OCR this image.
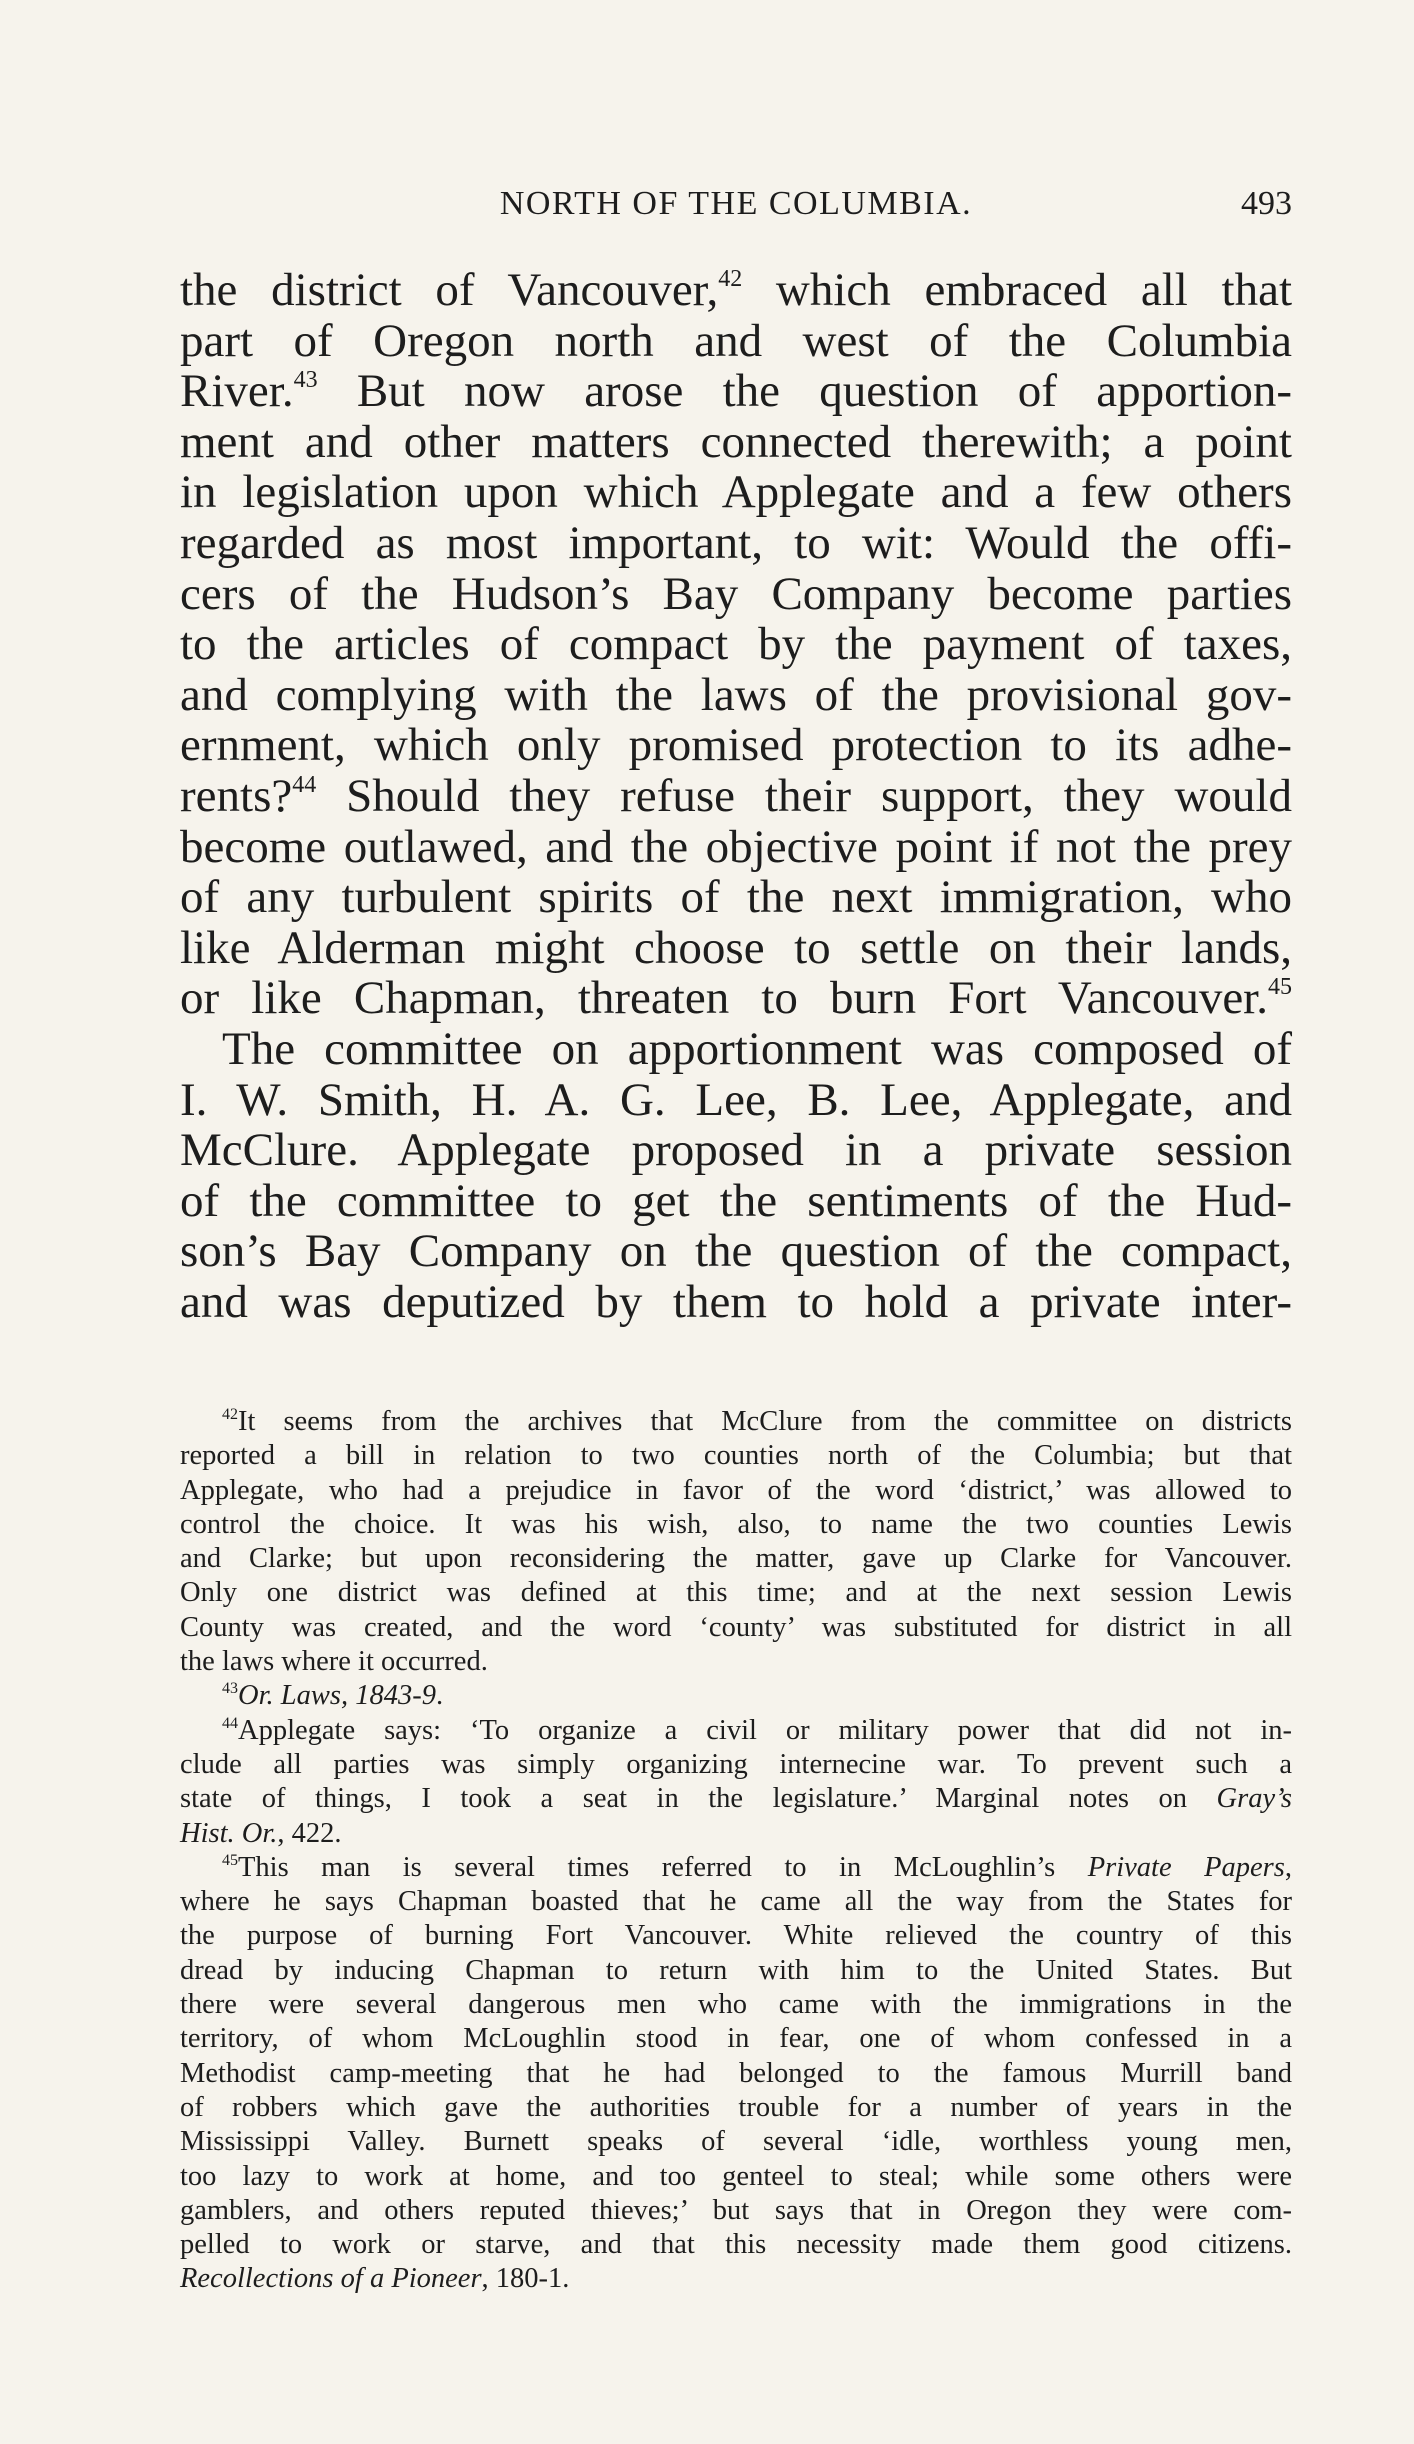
NORTH OF THE COLUMBIA.	493
the district of Vancouver,$^{42}$ which embraced all that
part of Oregon north and west of the Columbia
River.$^{43}$ But now arose the question of apportion-
ment and other matters connected therewith; a point
in legislation upon which Applegate and a few others
regarded as most important, to wit: Would the offi-
cers of the Hudson’s Bay Company become parties
to the articles of compact by the payment of taxes,
and complying with the laws of the provisional gov-
ernment, which only promised protection to its adhe-
rents?$^{44}$ Should they refuse their support, they would
become outlawed, and the objective point if not the prey
of any turbulent spirits of the next immigration, who
like Alderman might choose to settle on their lands,
or like Chapman, threaten to burn Fort Vancouver.$^{45}$
The committee on apportionment was composed of
I. W. Smith, H. A. G. Lee, B. Lee, Applegate, and
McClure. Applegate proposed in a private session
of the committee to get the sentiments of the Hud-
son’s Bay Company on the question of the compact,
and was deputized by them to hold a private inter-
$^{42}$It seems from the archives that McClure from the committee on districts
reported a bill in relation to two counties north of the Columbia; but that
Applegate, who had a prejudice in favor of the word ‘district,’ was allowed to
control the choice. It was his wish, also, to name the two counties Lewis
and Clarke; but upon reconsidering the matter, gave up Clarke for Vancouver.
Only one district was defined at this time; and at the next session Lewis
County was created, and the word ‘county’ was substituted for district in all
the laws where it occurred.
$^{43}$Or. Laws, 1843-9.
$^{44}$Applegate says: ‘To organize a civil or military power that did not in-
clude all parties was simply organizing internecine war. To prevent such a
state of things, I took a seat in the legislature.’ Marginal notes on Gray’s
Hist. Or., 422.
$^{45}$This man is several times referred to in McLoughlin’s Private Papers,
where he says Chapman boasted that he came all the way from the States for
the purpose of burning Fort Vancouver. White relieved the country of this
dread by inducing Chapman to return with him to the United States. But
there were several dangerous men who came with the immigrations in the
territory, of whom McLoughlin stood in fear, one of whom confessed in a
Methodist camp-meeting that he had belonged to the famous Murrill band
of robbers which gave the authorities trouble for a number of years in the
Mississippi Valley. Burnett speaks of several ‘idle, worthless young men,
too lazy to work at home, and too genteel to steal; while some others were
gamblers, and others reputed thieves;’ but says that in Oregon they were com-
pelled to work or starve, and that this necessity made them good citizens.
Recollections of a Pioneer, 180-1.
